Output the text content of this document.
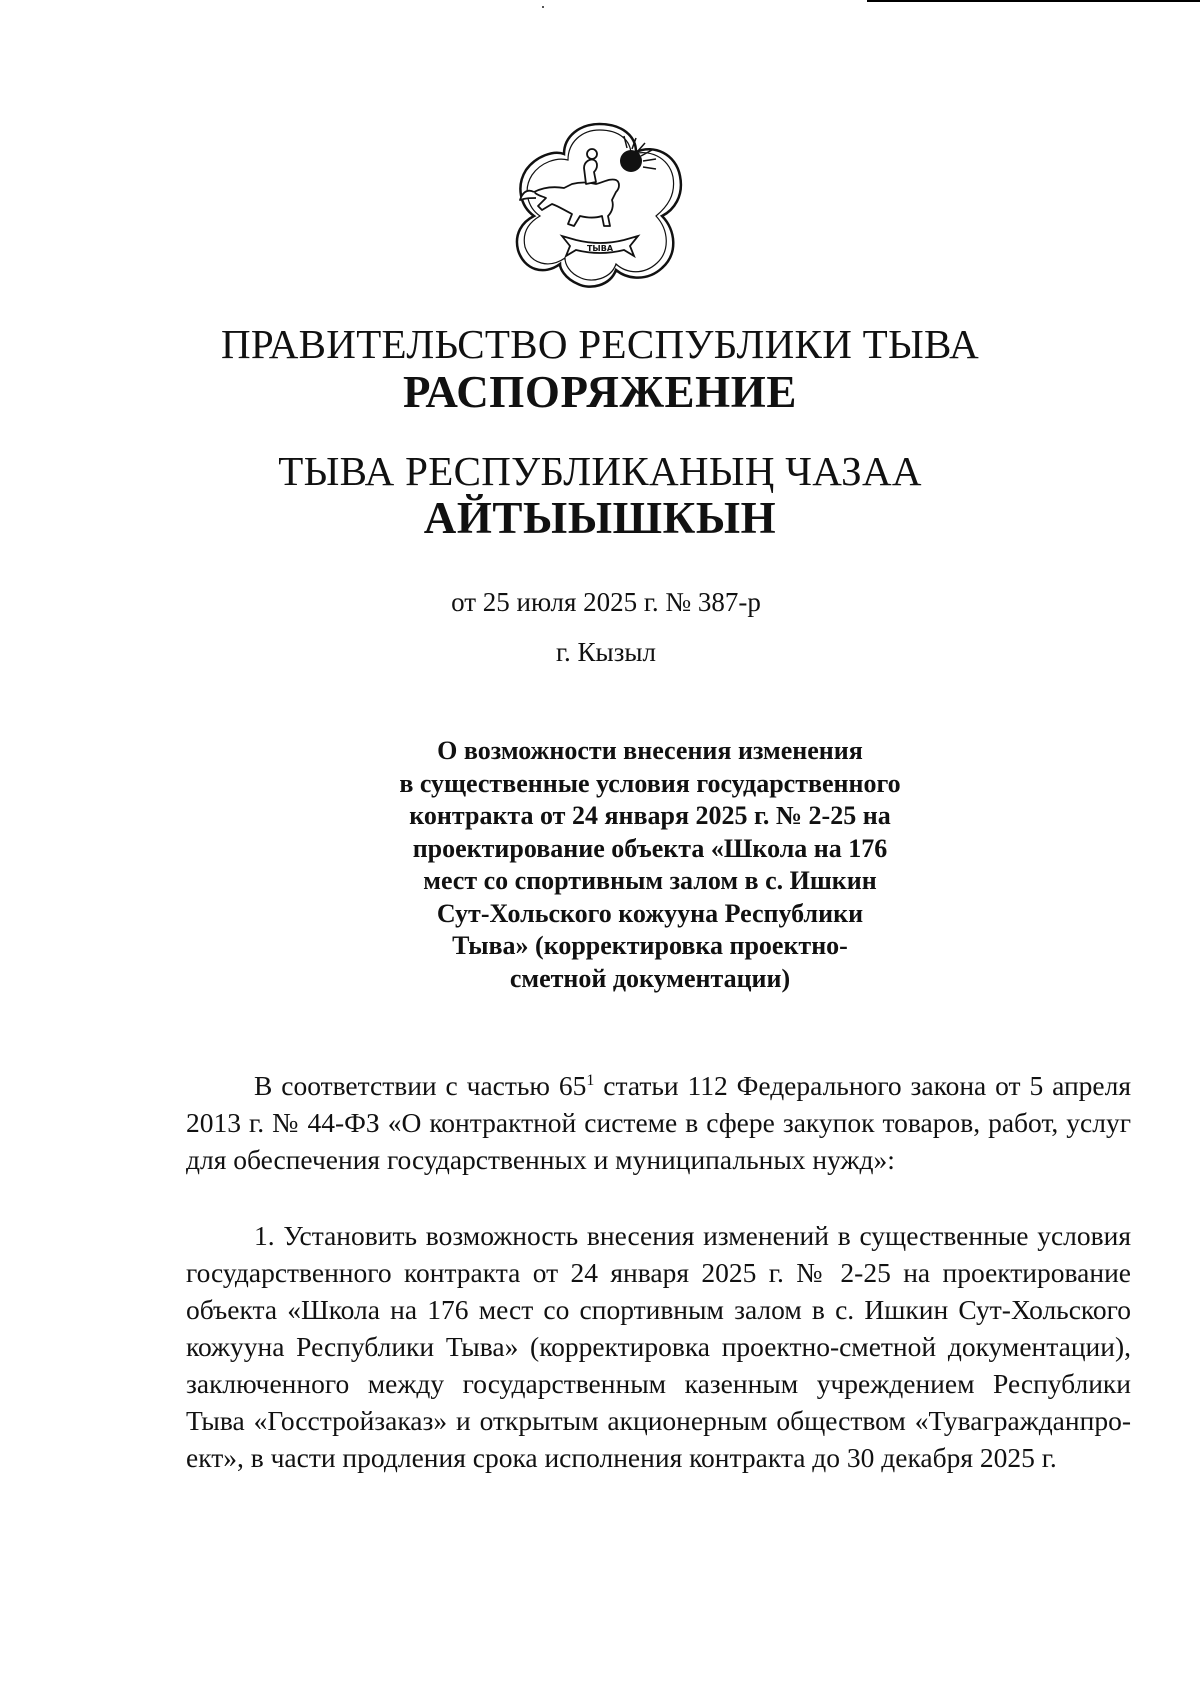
ТЫВА
ПРАВИТЕЛЬСТВО РЕСПУБЛИКИ ТЫВА
РАСПОРЯЖЕНИЕ
ТЫВА РЕСПУБЛИКАНЫҢ ЧАЗАА
АЙТЫЫШКЫН
от 25 июля 2025 г. № 387-р
г. Кызыл
О возможности внесения изменения
в существенные условия государственного
контракта от 24 января 2025 г. № 2-25 на
проектирование объекта «Школа на 176
мест со спортивным залом в с. Ишкин
Сут-Хольского кожууна Республики
Тыва» (корректировка проектно-
сметной документации)
В соответствии с частью $65^1$ статьи 112 Федерального закона от 5 апреля 2013 г. № 44-ФЗ «О контрактной системе в сфере закупок товаров, работ, услуг для обеспечения государственных и муниципальных нужд»:
1. Установить возможность внесения изменений в существенные условия государственного контракта от 24 января 2025 г. № 2-25 на проектирование объекта «Школа на 176 мест со спортивным залом в с. Ишкин Сут-Хольского кожууна Республики Тыва» (корректировка проектно-сметной документации), заключенного между государственным казенным учреждением Республики Тыва «Госстройзаказ» и открытым акционерным обществом «Тувагражданпроект», в части продления срока исполнения контракта до 30 декабря 2025 г.
